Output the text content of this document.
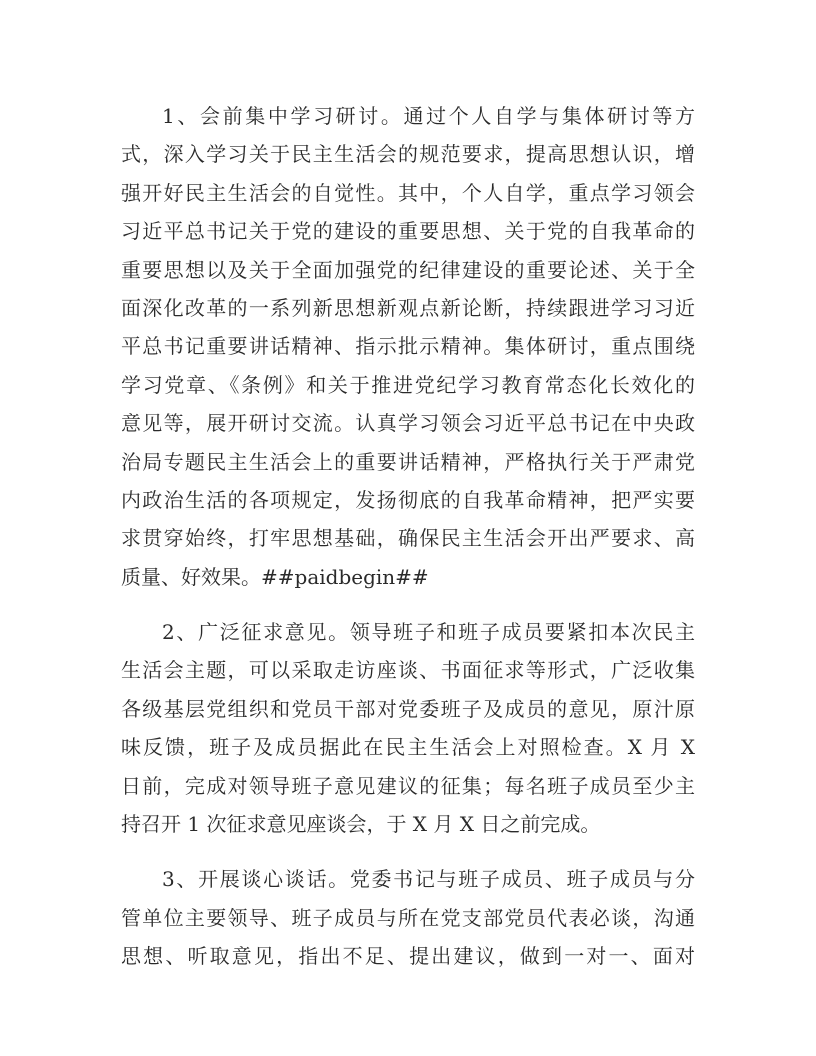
1、会前集中学习研讨。通过个人自学与集体研讨等方
式，深入学习关于民主生活会的规范要求，提高思想认识，增
强开好民主生活会的自觉性。其中，个人自学，重点学习领会
习近平总书记关于党的建设的重要思想、关于党的自我革命的
重要思想以及关于全面加强党的纪律建设的重要论述、关于全
面深化改革的一系列新思想新观点新论断，持续跟进学习习近
平总书记重要讲话精神、指示批示精神。集体研讨，重点围绕
学习党章、《条例》和关于推进党纪学习教育常态化长效化的
意见等，展开研讨交流。认真学习领会习近平总书记在中央政
治局专题民主生活会上的重要讲话精神，严格执行关于严肃党
内政治生活的各项规定，发扬彻底的自我革命精神，把严实要
求贯穿始终，打牢思想基础，确保民主生活会开出严要求、高
质量、好效果。##paidbegin##
2、广泛征求意见。领导班子和班子成员要紧扣本次民主
生活会主题，可以采取走访座谈、书面征求等形式，广泛收集
各级基层党组织和党员干部对党委班子及成员的意见，原汁原
味反馈，班子及成员据此在民主生活会上对照检查。X 月 X
日前，完成对领导班子意见建议的征集；每名班子成员至少主
持召开 1 次征求意见座谈会，于 X 月 X 日之前完成。
3、开展谈心谈话。党委书记与班子成员、班子成员与分
管单位主要领导、班子成员与所在党支部党员代表必谈，沟通
思想、听取意见，指出不足、提出建议，做到一对一、面对
